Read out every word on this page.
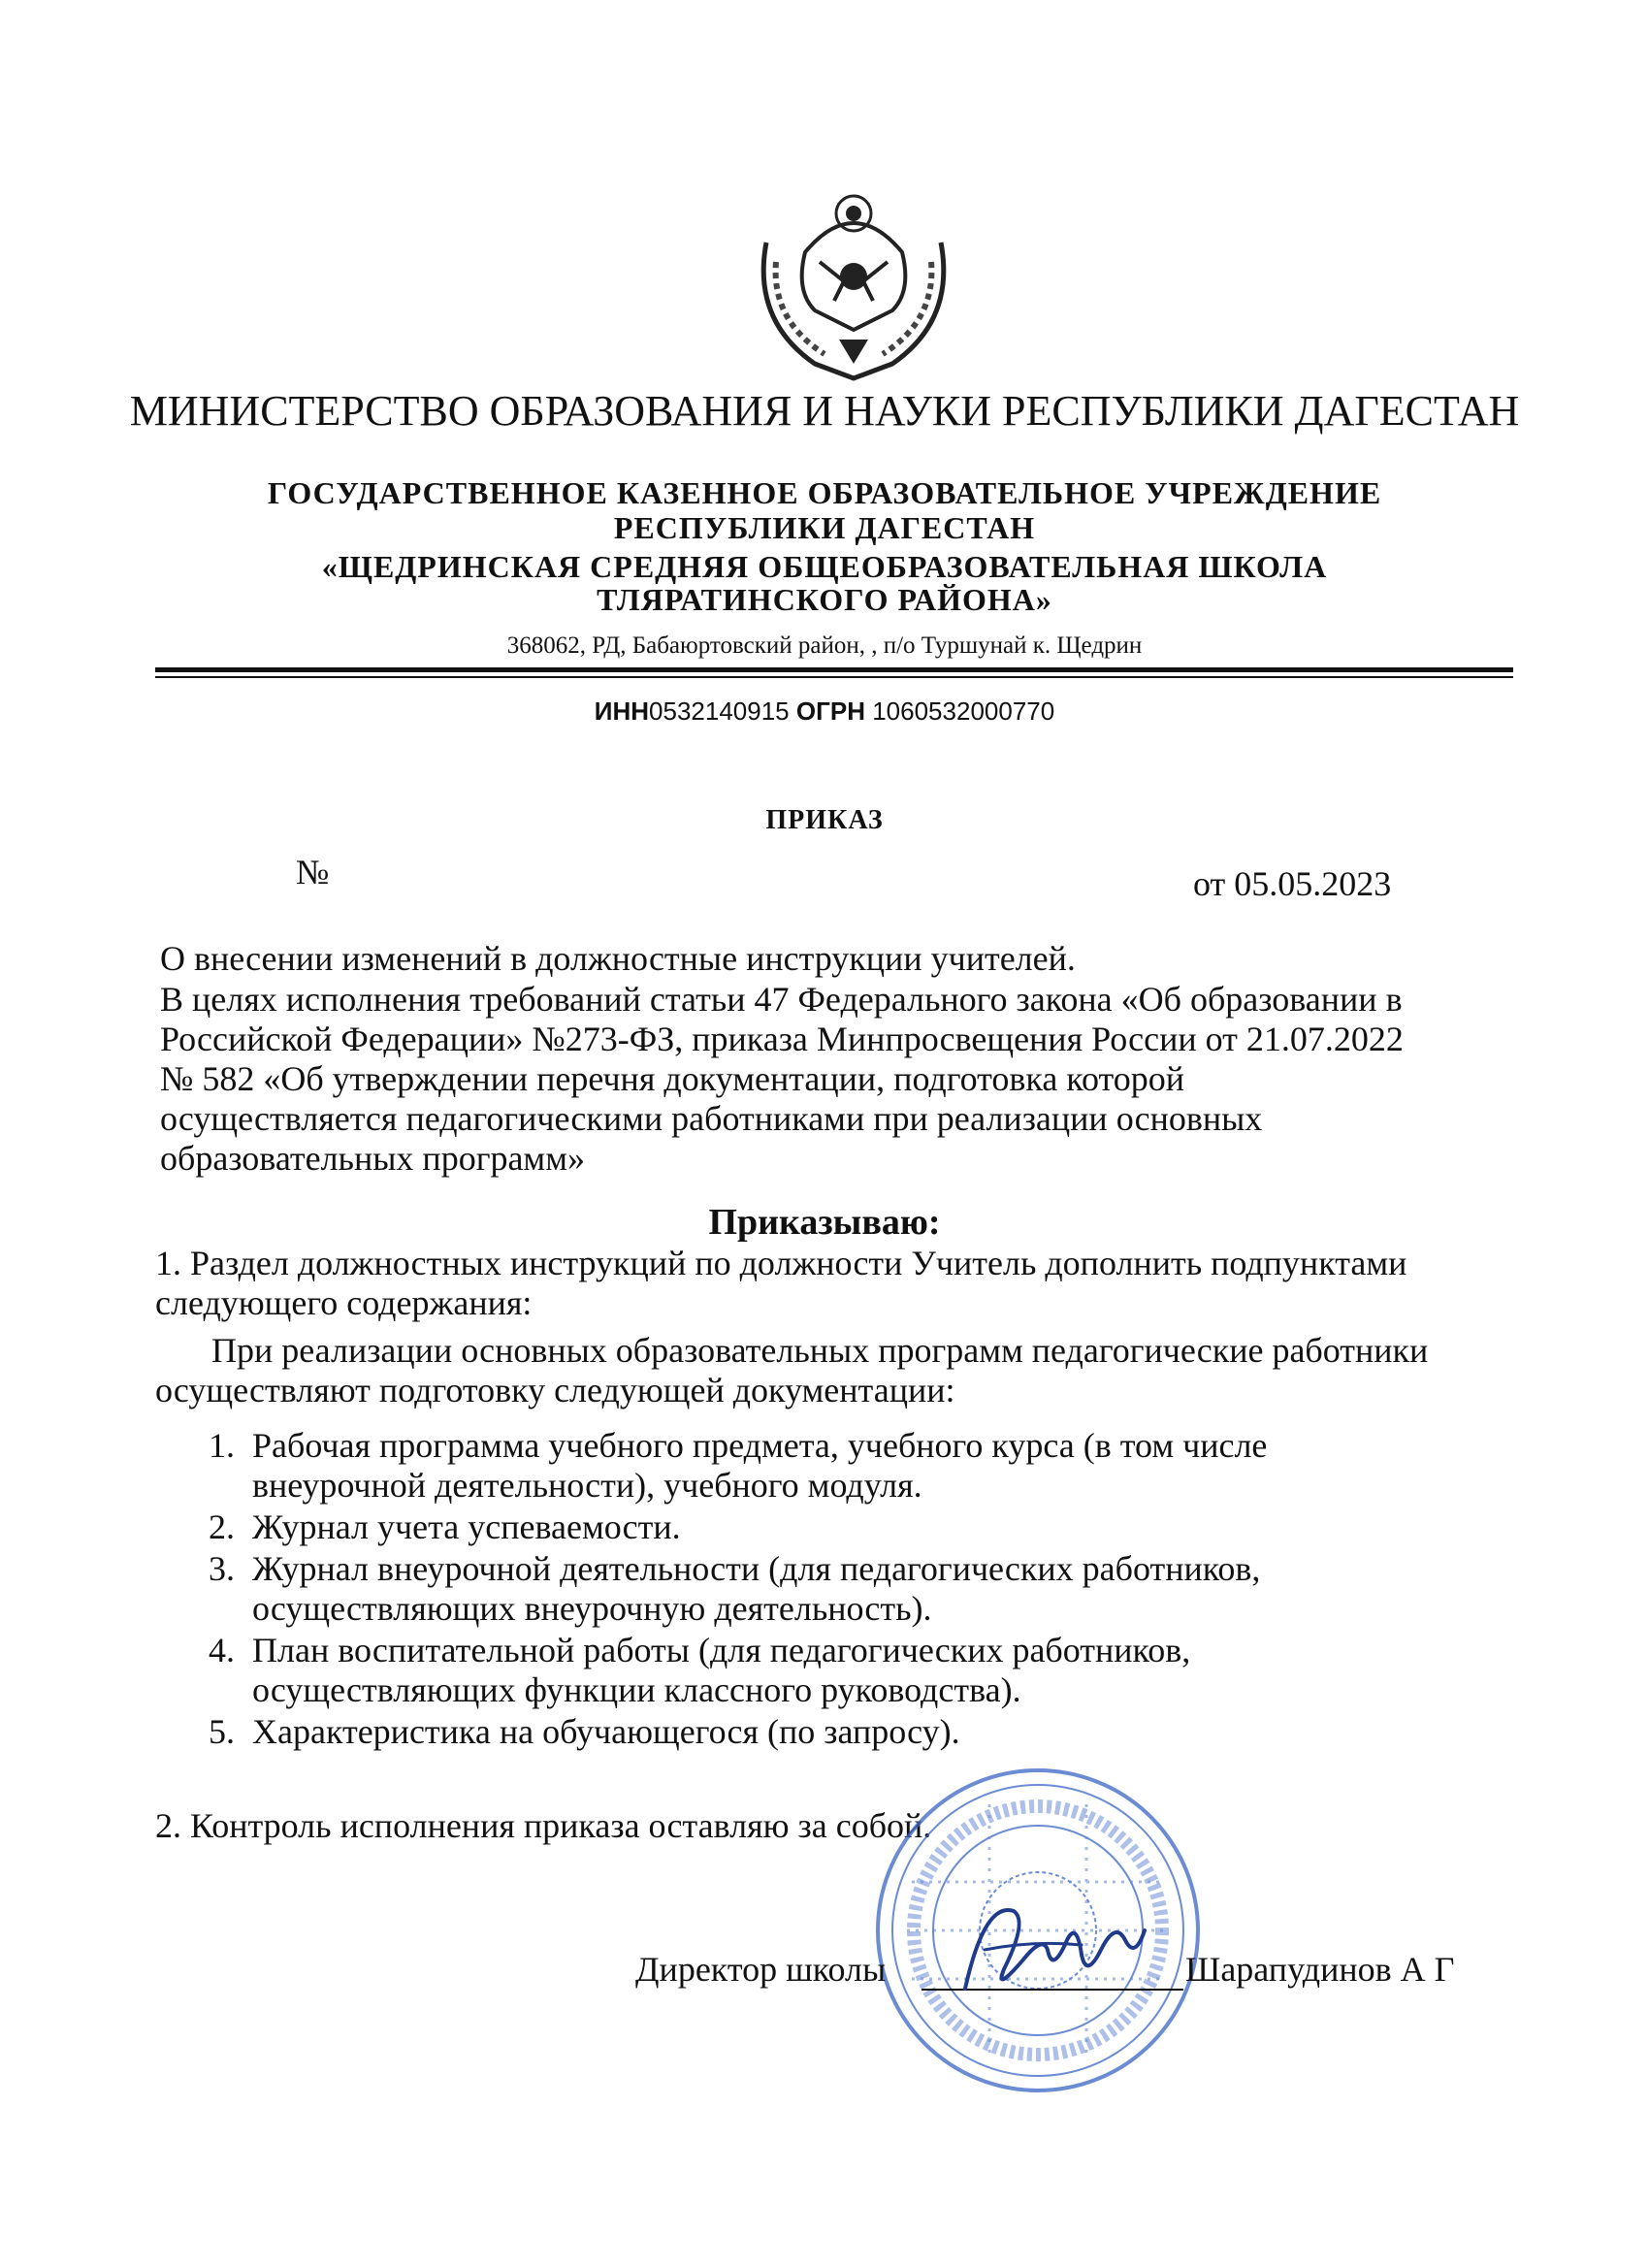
МИНИСТЕРСТВО ОБРАЗОВАНИЯ И НАУКИ РЕСПУБЛИКИ ДАГЕСТАН
ГОСУДАРСТВЕННОЕ КАЗЕННОЕ ОБРАЗОВАТЕЛЬНОЕ УЧРЕЖДЕНИЕ
РЕСПУБЛИКИ ДАГЕСТАН
«ЩЕДРИНСКАЯ СРЕДНЯЯ ОБЩЕОБРАЗОВАТЕЛЬНАЯ ШКОЛА
ТЛЯРАТИНСКОГО РАЙОНА»
368062, РД, Бабаюртовский район, , п/о Туршунай к. Щедрин
ИНН0532140915 ОГРН 1060532000770
ПРИКАЗ
№	от 05.05.2023
О внесении изменений в должностные инструкции учителей.
В целях исполнения требований статьи 47 Федерального закона «Об образовании в
Российской Федерации» №273-ФЗ, приказа Минпросвещения России от 21.07.2022
№ 582 «Об утверждении перечня документации, подготовка которой
осуществляется педагогическими работниками при реализации основных
образовательных программ»
Приказываю:
1. Раздел должностных инструкций по должности Учитель дополнить подпунктами
следующего содержания:
При реализации основных образовательных программ педагогические работники
осуществляют подготовку следующей документации:
1. Рабочая программа учебного предмета, учебного курса (в том числе
внеурочной деятельности), учебного модуля.
2. Журнал учета успеваемости.
3. Журнал внеурочной деятельности (для педагогических работников,
осуществляющих внеурочную деятельность).
4. План воспитательной работы (для педагогических работников,
осуществляющих функции классного руководства).
5. Характеристика на обучающегося (по запросу).
2. Контроль исполнения приказа оставляю за собой.
Директор школы	Шарапудинов А Г
